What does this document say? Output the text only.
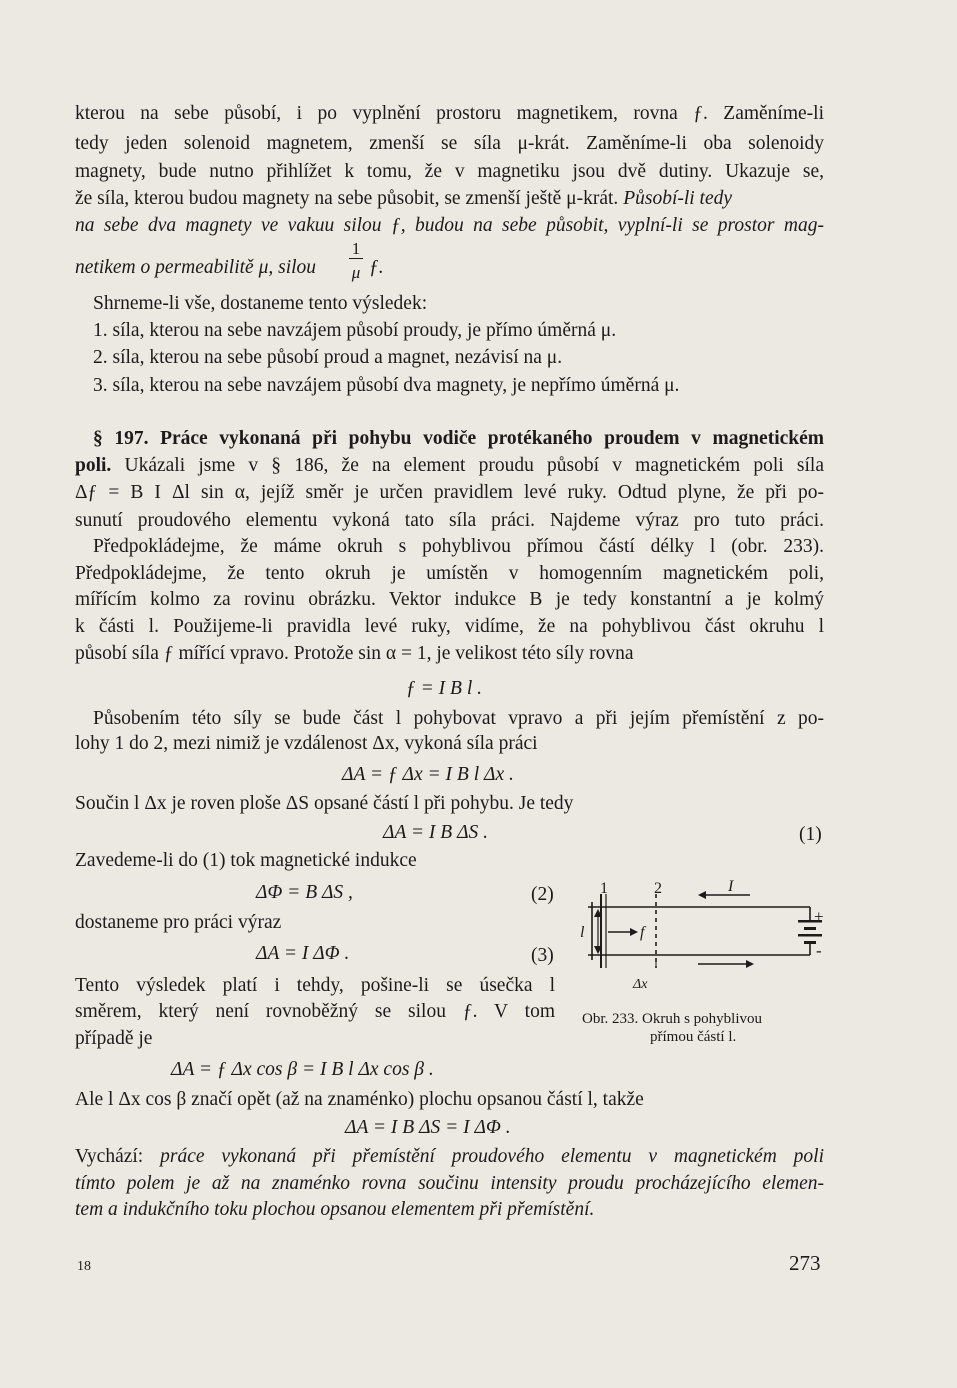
kterou na sebe působí, i po vyplnění prostoru magnetikem, rovna ƒ. Zaměníme-li
tedy jeden solenoid magnetem, zmenší se síla μ-krát. Zaměníme-li oba solenoidy
magnety, bude nutno přihlížet k tomu, že v magnetiku jsou dvě dutiny. Ukazuje se,
že síla, kterou budou magnety na sebe působit, se zmenší ještě μ-krát. Působí-li tedy
na sebe dva magnety ve vakuu silou ƒ, budou na sebe působit, vyplní-li se prostor mag-
netikem o permeabilitě μ, silou
1
μ ƒ.
Shrneme-li vše, dostaneme tento výsledek:
1. síla, kterou na sebe navzájem působí proudy, je přímo úměrná μ.
2. síla, kterou na sebe působí proud a magnet, nezávisí na μ.
3. síla, kterou na sebe navzájem působí dva magnety, je nepřímo úměrná μ.
§ 197. Práce vykonaná při pohybu vodiče protékaného proudem v magnetickém
poli. Ukázali jsme v § 186, že na element proudu působí v magnetickém poli síla
Δƒ = B I Δl sin α, jejíž směr je určen pravidlem levé ruky. Odtud plyne, že při po-
sunutí proudového elementu vykoná tato síla práci. Najdeme výraz pro tuto práci.
Předpokládejme, že máme okruh s pohyblivou přímou částí délky l (obr. 233).
Předpokládejme, že tento okruh je umístěn v homogenním magnetickém poli,
mířícím kolmo za rovinu obrázku. Vektor indukce B je tedy konstantní a je kolmý
k části l. Použijeme-li pravidla levé ruky, vidíme, že na pohyblivou část okruhu l
působí síla ƒ mířící vpravo. Protože sin α = 1, je velikost této síly rovna
ƒ = I B l .
Působením této síly se bude část l pohybovat vpravo a při jejím přemístění z po-
lohy 1 do 2, mezi nimiž je vzdálenost Δx, vykoná síla práci
ΔA = ƒ Δx = I B l Δx .
Součin l Δx je roven ploše ΔS opsané částí l při pohybu. Je tedy
ΔA = I B ΔS .	(1)
Zavedeme-li do (1) tok magnetické indukce
ΔΦ = B ΔS ,	(2)
dostaneme pro práci výraz
ΔA = I ΔΦ .	(3)
Tento výsledek platí i tehdy, pošine-li se úsečka l
směrem, který není rovnoběžný se silou ƒ. V tom
případě je
ΔA = ƒ Δx cos β = I B l Δx cos β .
Ale l Δx cos β značí opět (až na znaménko) plochu opsanou částí l, takže
ΔA = I B ΔS = I ΔΦ .
Vychází: práce vykonaná při přemístění proudového elementu v magnetickém poli
tímto polem je až na znaménko rovna součinu intensity proudu procházejícího elemen-
tem a indukčního toku plochou opsanou elementem při přemístění.
1	2	I
l	f
Δx
+
-
Obr. 233. Okruh s pohyblivou
přímou částí l.
18	273
